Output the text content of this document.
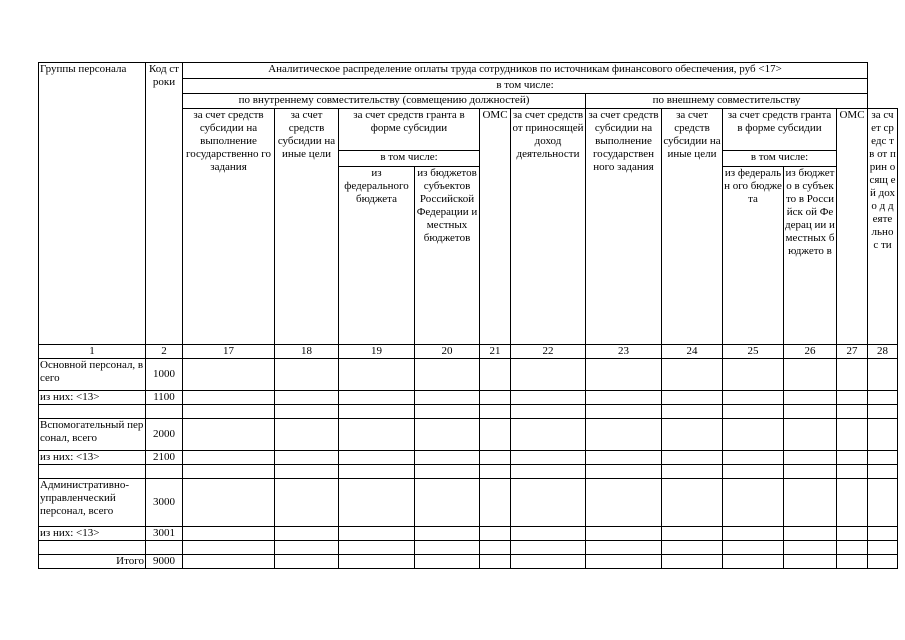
Группы персонала	Код строки	Аналитическое распределение оплаты труда сотрудников по источникам финансового обеспечения, руб <17>											
		в том числе:											
		по внутреннему совместительству (совмещению должностей)						по внешнему совместительству					
		за счет средств субсидии на выполнение государственно го задания	за счет средств субсидии на иные цели	за счет средств гранта в форме субсидии		ОМС	за счет средств от приносящей доход деятельности	за счет средств субсидии на выполнение государствен ного задания	за счет средств субсидии на иные цели	за счет средств гранта в форме субсидии		ОМС	за счет средс тв от прин осящ ей дохо д деяте льнос ти
				в том числе:						в том числе:			
				из федерального бюджета	из бюджетов субъектов Российской Федерации и местных бюджетов					из федеральн ого бюджета	из бюджето в субъекто в Российск ой Федерац ии и местных бюджето в		
1	2	17	18	19	20	21	22	23	24	25	26	27	28
Основной персонал, всего	1000												
из них: <13>	1100												

Вспомогательный персонал, всего	2000												
из них: <13>	2100												

Административно-управленческий персонал, всего	3000												
из них: <13>	3001												

Итого	9000												
